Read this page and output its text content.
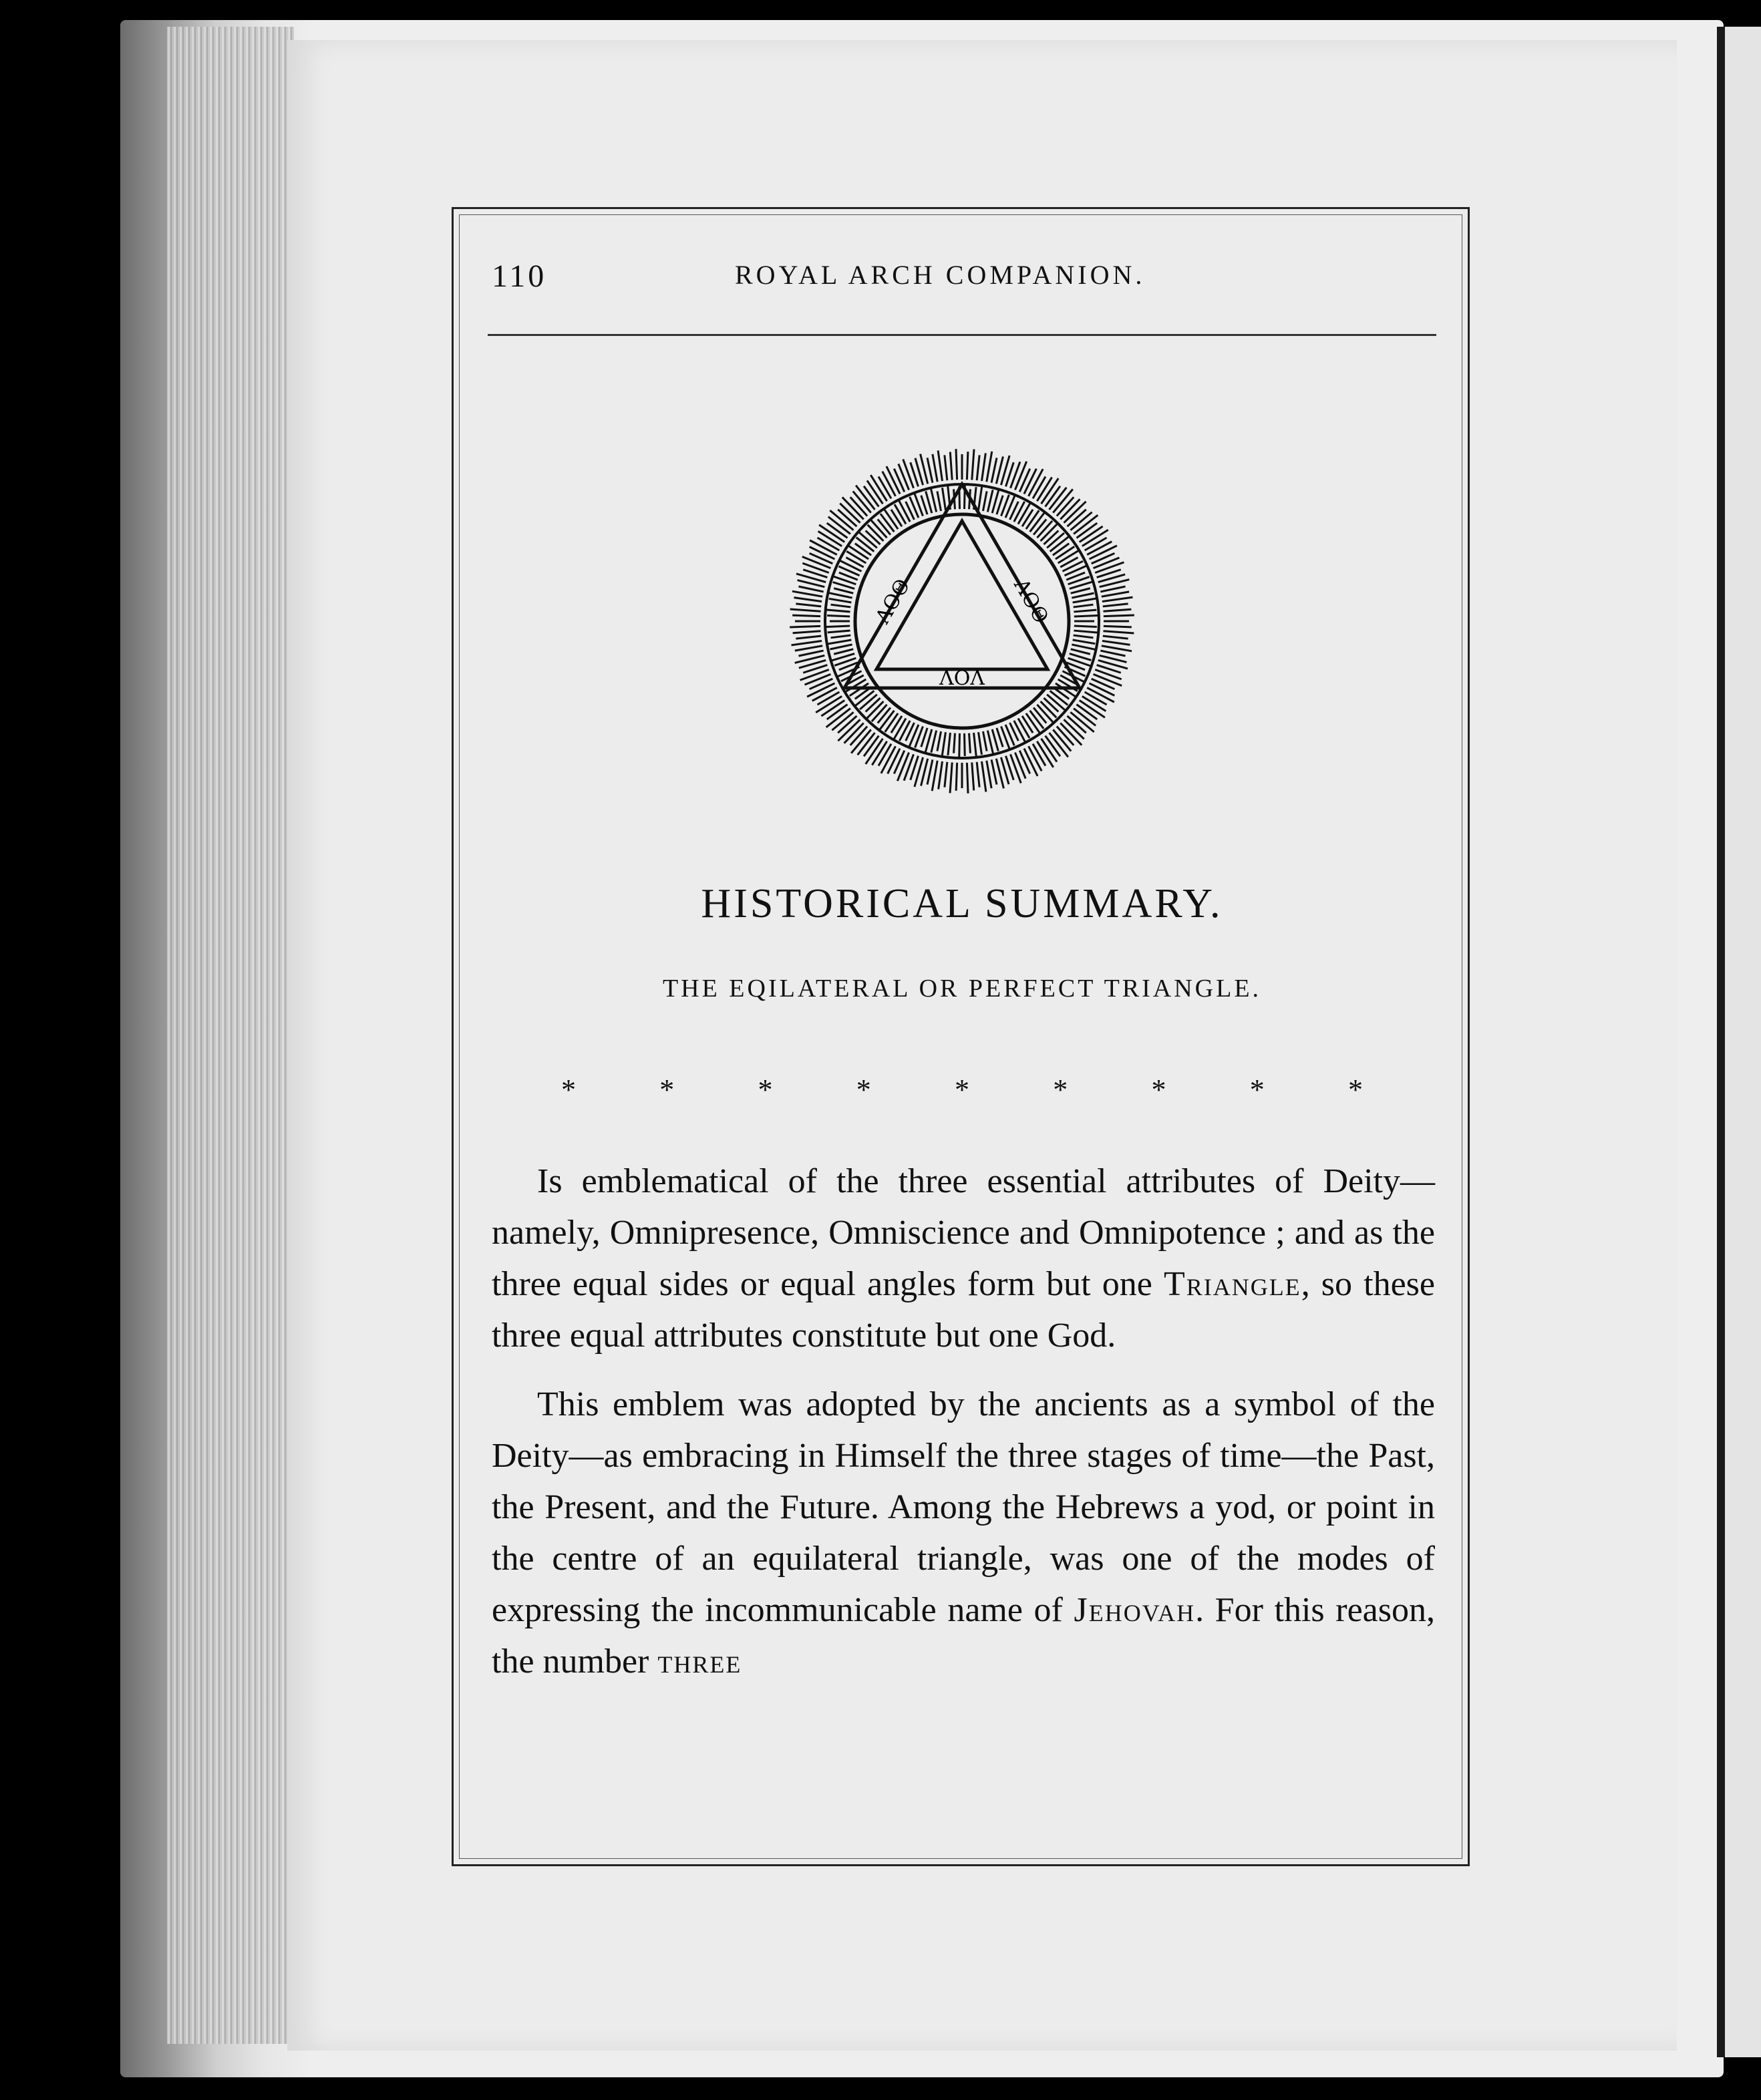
110	ROYAL ARCH COMPANION.
ΛΟΘ	ΛΟΘ
ΛΟΛ
HISTORICAL SUMMARY.
THE EQILATERAL OR PERFECT TRIANGLE.
*	*	*	*	*	*	*	*	*

Is emblematical of the three essential attributes of Deity—namely, Omnipresence, Omniscience and Omnipotence ; and as the three equal sides or equal angles form but one Triangle, so these three equal attributes constitute but one God.

This emblem was adopted by the ancients as a symbol of the Deity—as embracing in Himself the three stages of time—the Past, the Present, and the Future. Among the Hebrews a yod, or point in the centre of an equilateral triangle, was one of the modes of expressing the incommunicable name of Jehovah. For this reason, the number three
